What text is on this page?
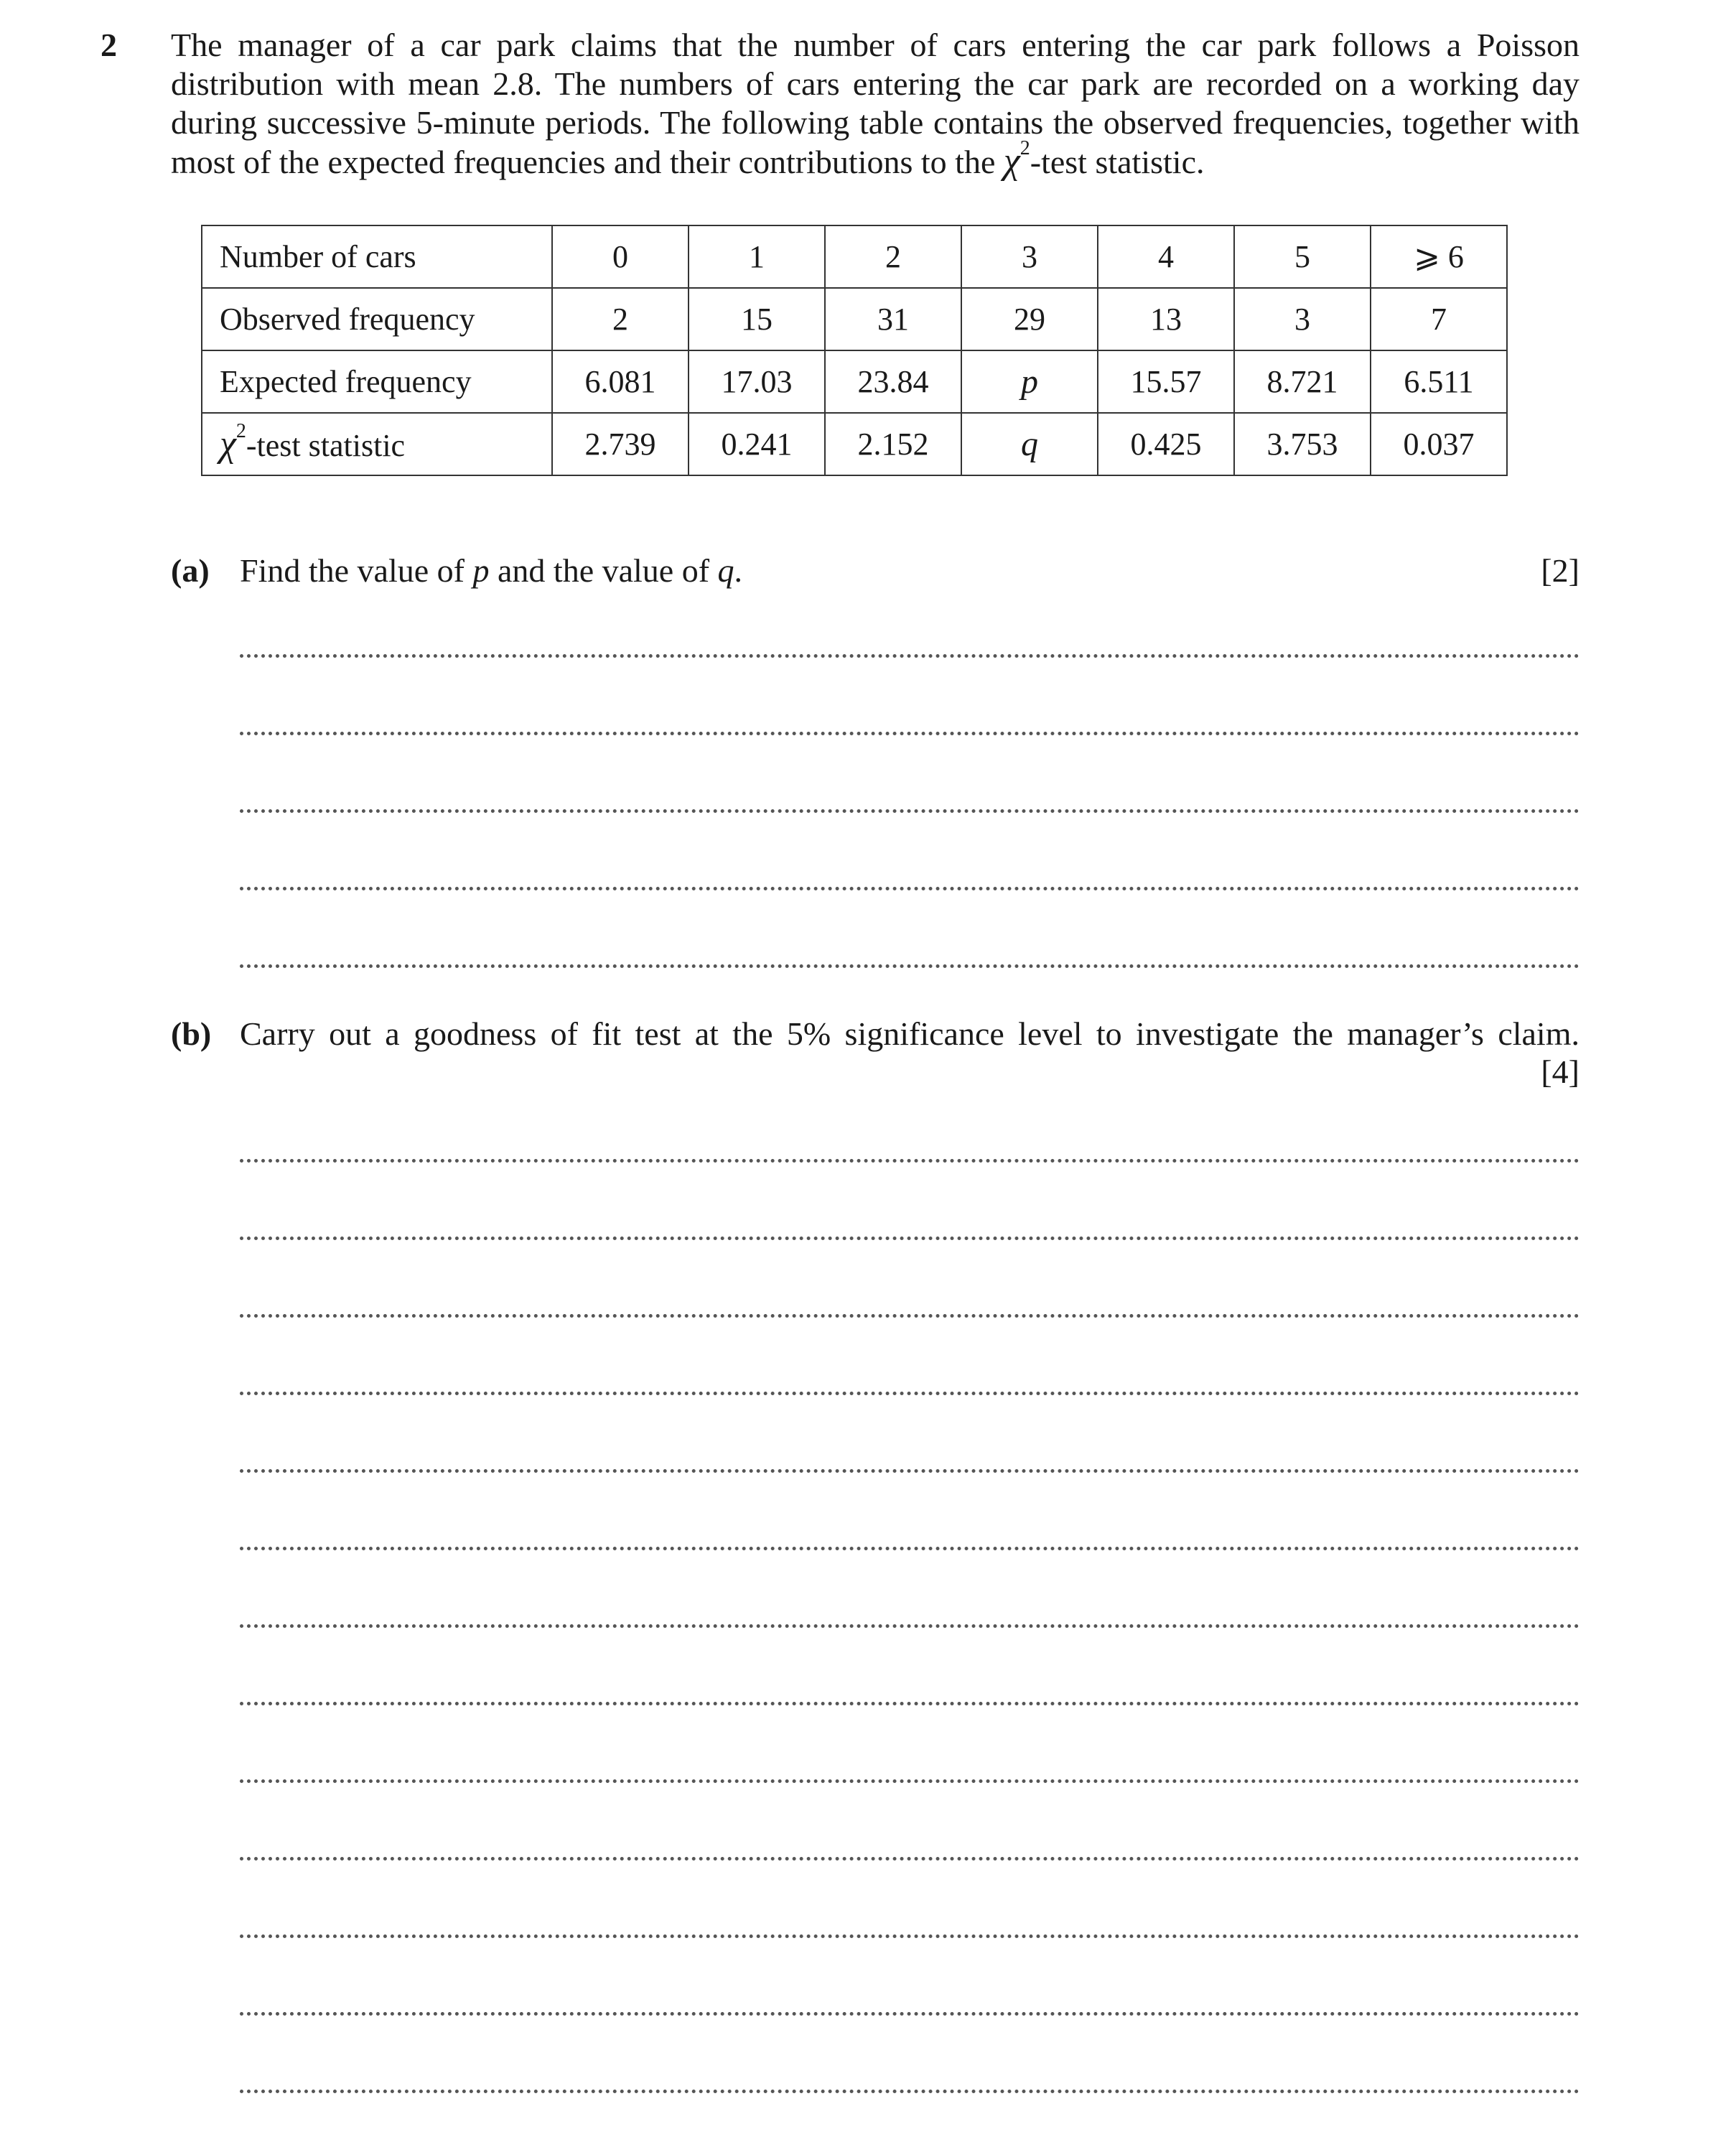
2 The manager of a car park claims that the number of cars entering the car park follows a Poisson distribution with mean 2.8. The numbers of cars entering the car park are recorded on a working day during successive 5-minute periods. The following table contains the observed frequencies, together with most of the expected frequencies and their contributions to the $\chi^2$-test statistic.
Number of cars	0	1	2	3	4	5	⩾ 6
Observed frequency	2	15	31	29	13	3	7
Expected frequency	6.081	17.03	23.84	p	15.57	8.721	6.511
$\chi^2$-test statistic	2.739	0.241	2.152	q	0.425	3.753	0.037
(a) Find the value of p and the value of q.	[2]
(b) Carry out a goodness of fit test at the 5% significance level to investigate the manager’s claim.
[4]
